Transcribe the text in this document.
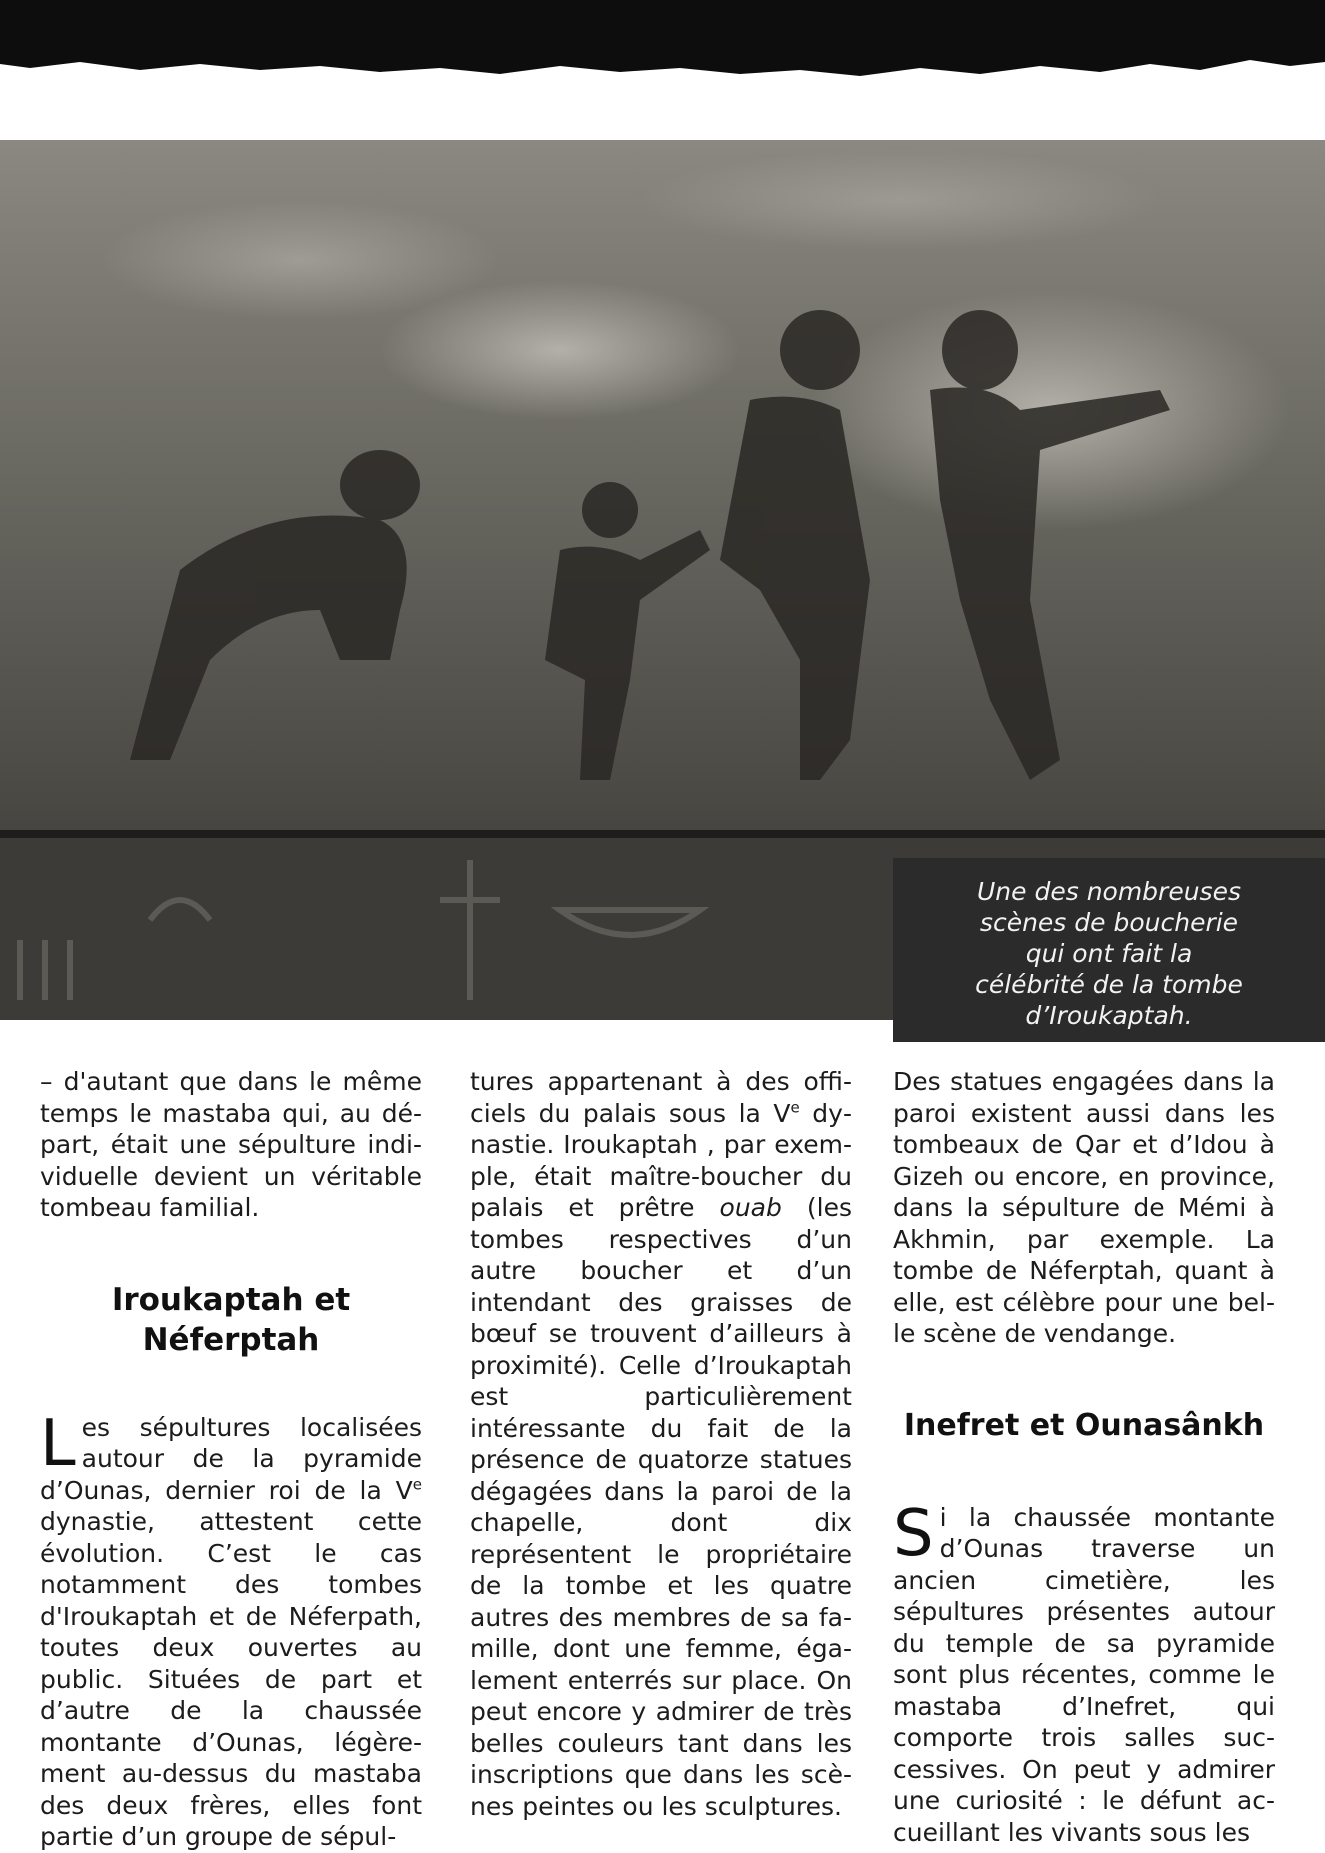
Une des nombreuses
scènes de boucherie
qui ont fait la
célébrité de la tombe
d’Iroukaptah.

– d'autant que dans le même temps le mastaba qui, au départ, était une sépulture individuelle devient un véritable tombeau familial.

Iroukaptah et Néferptah

Les sépultures localisées autour de la pyramide d’Ounas, dernier roi de la Ve dynastie, attestent cette évolution. C’est le cas notamment des tombes d'Iroukaptah et de Néferpath, toutes deux ouvertes au public. Situées de part et d’autre de la chaussée montante d’Ounas, légèrement au-dessus du mastaba des deux frères, elles font partie d’un groupe de sépul-

tures appartenant à des officiels du palais sous la Ve dynastie. Iroukaptah , par exemple, était maître-boucher du palais et prêtre ouab (les tombes respectives d’un autre boucher et d’un intendant des graisses de bœuf se trouvent d’ailleurs à proximité). Celle d’Iroukaptah est particulièrement intéressante du fait de la présence de quatorze statues dégagées dans la paroi de la chapelle, dont dix représentent le propriétaire de la tombe et les quatre autres des membres de sa famille, dont une femme, également enterrés sur place. On peut encore y admirer de très belles couleurs tant dans les inscriptions que dans les scènes peintes ou les sculptures.

Des statues engagées dans la paroi existent aussi dans les tombeaux de Qar et d’Idou à Gizeh ou encore, en province, dans la sépulture de Mémi à Akhmin, par exemple. La tombe de Néferptah, quant à elle, est célèbre pour une belle scène de vendange.

Inefret et Ounasânkh

Si la chaussée montante d’Ounas traverse un ancien cimetière, les sépultures présentes autour du temple de sa pyramide sont plus récentes, comme le mastaba d’Inefret, qui comporte trois salles successives. On peut y admirer une curiosité : le défunt accueillant les vivants sous les
